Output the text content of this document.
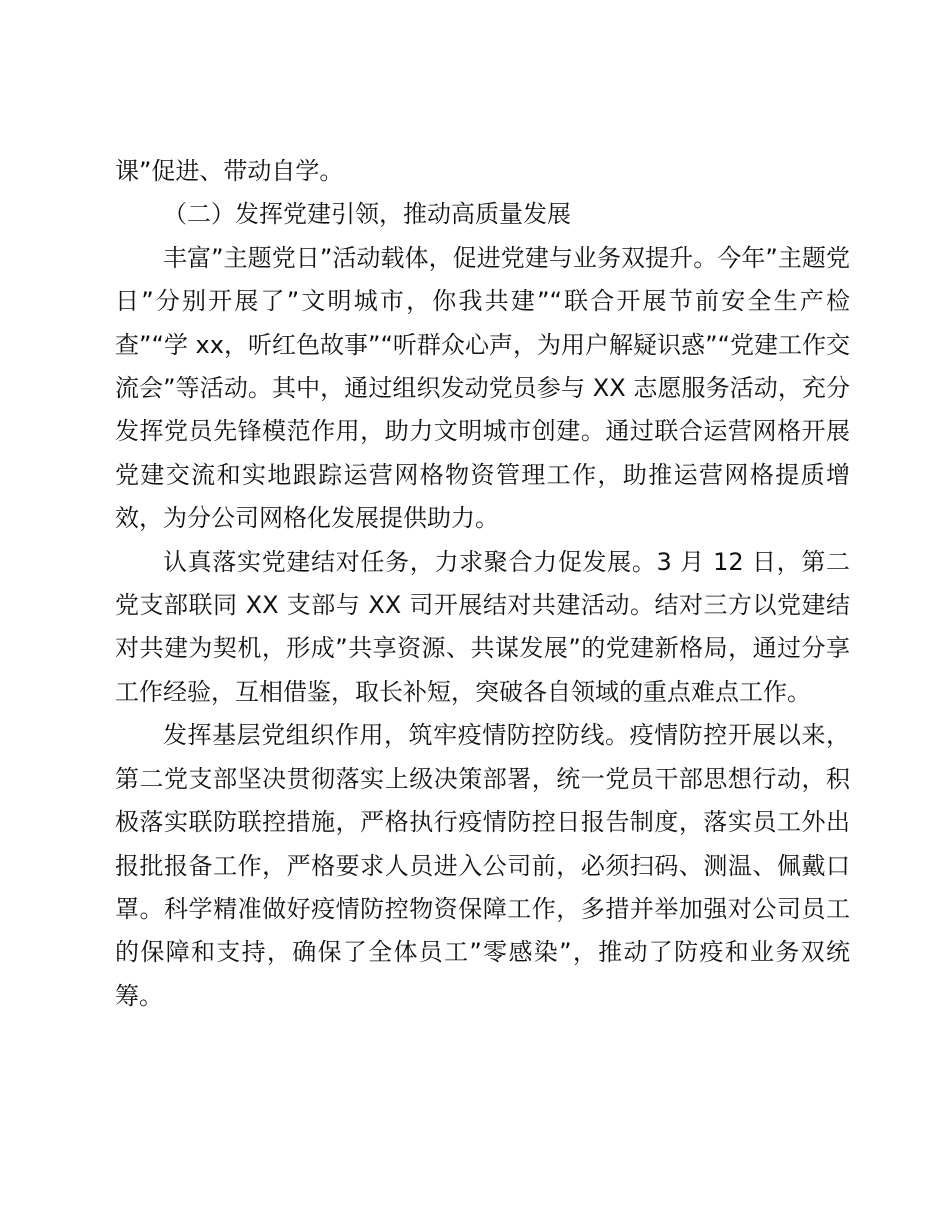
课”促进、带动自学。

（二）发挥党建引领，推动高质量发展

丰富”主题党日”活动载体，促进党建与业务双提升。今年”主题党日”分别开展了”文明城市，你我共建”“联合开展节前安全生产检查”“学 xx，听红色故事”“听群众心声，为用户解疑识惑”“党建工作交流会”等活动。其中，通过组织发动党员参与 XX 志愿服务活动，充分发挥党员先锋模范作用，助力文明城市创建。通过联合运营网格开展党建交流和实地跟踪运营网格物资管理工作，助推运营网格提质增效，为分公司网格化发展提供助力。

认真落实党建结对任务，力求聚合力促发展。3 月 12 日，第二党支部联同 XX 支部与 XX 司开展结对共建活动。结对三方以党建结对共建为契机，形成”共享资源、共谋发展”的党建新格局，通过分享工作经验，互相借鉴，取长补短，突破各自领域的重点难点工作。

发挥基层党组织作用，筑牢疫情防控防线。疫情防控开展以来，第二党支部坚决贯彻落实上级决策部署，统一党员干部思想行动，积极落实联防联控措施，严格执行疫情防控日报告制度，落实员工外出报批报备工作，严格要求人员进入公司前，必须扫码、测温、佩戴口罩。科学精准做好疫情防控物资保障工作，多措并举加强对公司员工的保障和支持，确保了全体员工”零感染”，推动了防疫和业务双统筹。
